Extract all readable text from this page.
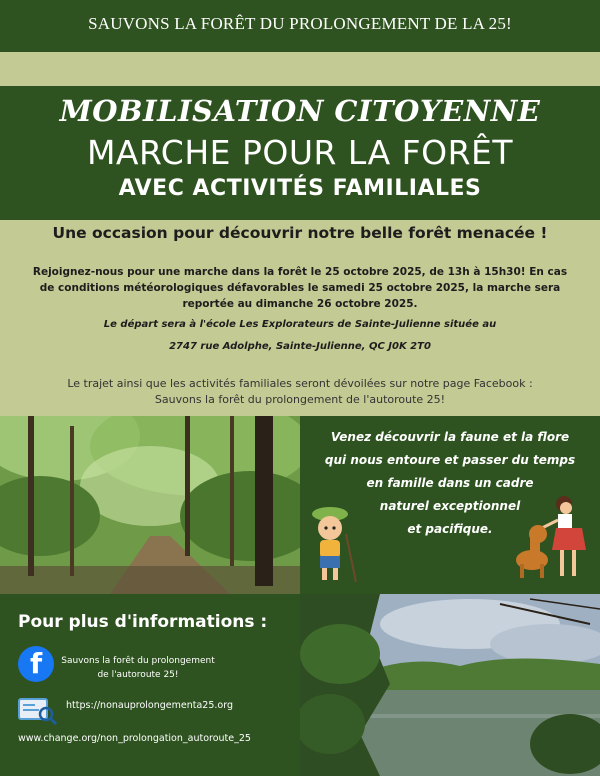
SAUVONS LA FORÊT DU PROLONGEMENT DE LA 25!
MOBILISATION CITOYENNE
MARCHE POUR LA FORÊT
AVEC ACTIVITÉS FAMILIALES
Une occasion pour découvrir notre belle forêt menacée !
Rejoignez-nous pour une marche dans la forêt le 25 octobre 2025, de 13h à 15h30! En cas de conditions météorologiques défavorables le samedi 25 octobre 2025, la marche sera reportée au dimanche 26 octobre 2025.
Le départ sera à l'école Les Explorateurs de Sainte-Julienne située au
2747 rue Adolphe, Sainte-Julienne, QC J0K 2T0
Le trajet ainsi que les activités familiales seront dévoilées sur notre page Facebook :
Sauvons la forêt du prolongement de l'autoroute 25!
Venez découvrir la faune et la flore
qui nous entoure et passer du temps
en famille dans un cadre
naturel exceptionnel
et pacifique.
Pour plus d'informations :
f	Sauvons la forêt du prolongement
de l'autoroute 25!
https://nonauprolongementa25.org
www.change.org/non_prolongation_autoroute_25
